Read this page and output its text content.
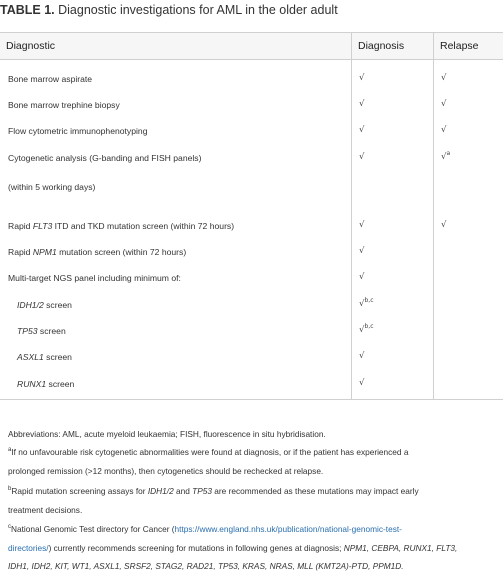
TABLE 1. Diagnostic investigations for AML in the older adult
Diagnostic	Diagnosis	Relapse
Bone marrow aspirate	√	√
Bone marrow trephine biopsy	√	√
Flow cytometric immunophenotyping	√	√
Cytogenetic analysis (G-banding and FISH panels)	√	√$^a$
(within 5 working days)
Rapid FLT3 ITD and TKD mutation screen (within 72 hours)	√	√
Rapid NPM1 mutation screen (within 72 hours)	√
Multi-target NGS panel including minimum of:	√
IDH1/2 screen	√$^{b,c}$
TP53 screen	√$^{b,c}$
ASXL1 screen	√
RUNX1 screen	√
Abbreviations: AML, acute myeloid leukaemia; FISH, fluorescence in situ hybridisation.
$^a$If no unfavourable risk cytogenetic abnormalities were found at diagnosis, or if the patient has experienced a
prolonged remission (>12 months), then cytogenetics should be rechecked at relapse.
$^b$Rapid mutation screening assays for IDH1/2 and TP53 are recommended as these mutations may impact early
treatment decisions.
$^c$National Genomic Test directory for Cancer (https://www.england.nhs.uk/publication/national-genomic-test-
directories/) currently recommends screening for mutations in following genes at diagnosis; NPM1, CEBPA, RUNX1, FLT3,
IDH1, IDH2, KIT, WT1, ASXL1, SRSF2, STAG2, RAD21, TP53, KRAS, NRAS, MLL (KMT2A)-PTD, PPM1D.
